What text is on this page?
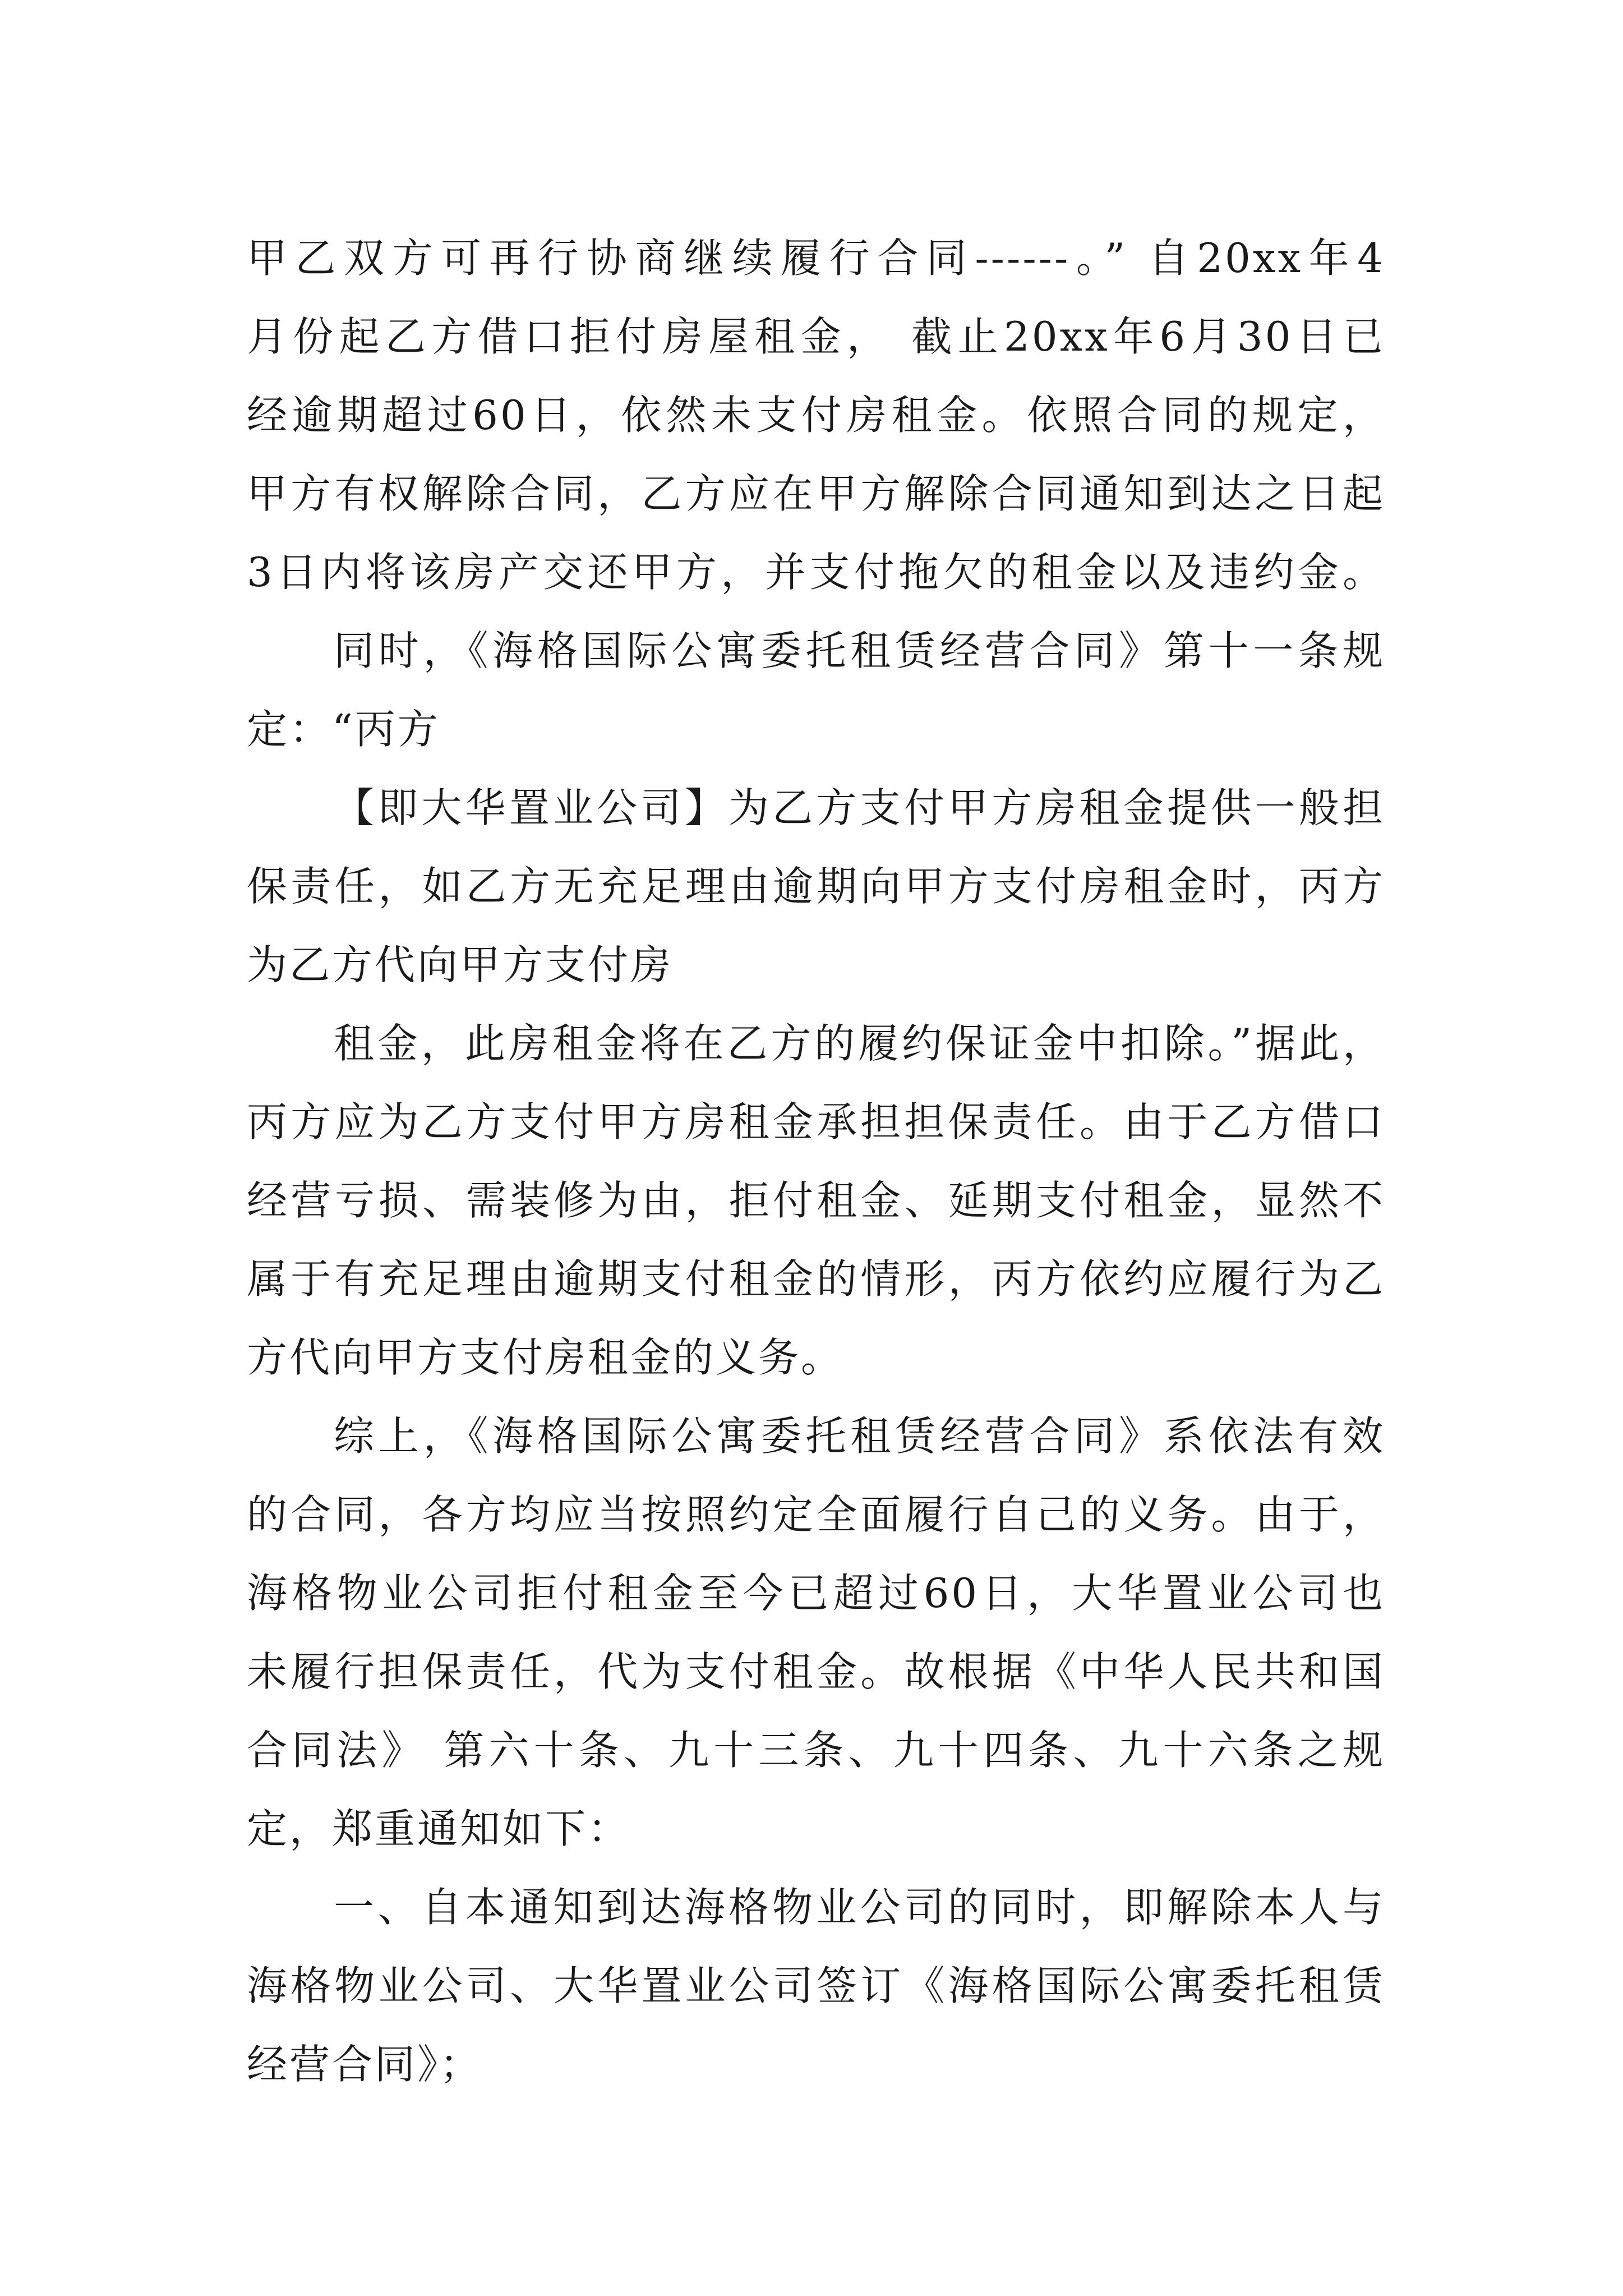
甲乙双方可再行协商继续履行合同------。” 自20xx年4
月份起乙方借口拒付房屋租金， 截止20xx年6月30日已
经逾期超过60日，依然未支付房租金。依照合同的规定，
甲方有权解除合同，乙方应在甲方解除合同通知到达之日起
3日内将该房产交还甲方，并支付拖欠的租金以及违约金。
同时，《海格国际公寓委托租赁经营合同》第十一条规
定：“丙方
【即大华置业公司】为乙方支付甲方房租金提供一般担
保责任，如乙方无充足理由逾期向甲方支付房租金时，丙方
为乙方代向甲方支付房
租金，此房租金将在乙方的履约保证金中扣除。”据此，
丙方应为乙方支付甲方房租金承担担保责任。由于乙方借口
经营亏损、需装修为由，拒付租金、延期支付租金，显然不
属于有充足理由逾期支付租金的情形，丙方依约应履行为乙
方代向甲方支付房租金的义务。
综上，《海格国际公寓委托租赁经营合同》系依法有效
的合同，各方均应当按照约定全面履行自己的义务。由于，
海格物业公司拒付租金至今已超过60日，大华置业公司也
未履行担保责任，代为支付租金。故根据《中华人民共和国
合同法》 第六十条、九十三条、九十四条、九十六条之规
定，郑重通知如下：
一、自本通知到达海格物业公司的同时，即解除本人与
海格物业公司、大华置业公司签订《海格国际公寓委托租赁
经营合同》；
